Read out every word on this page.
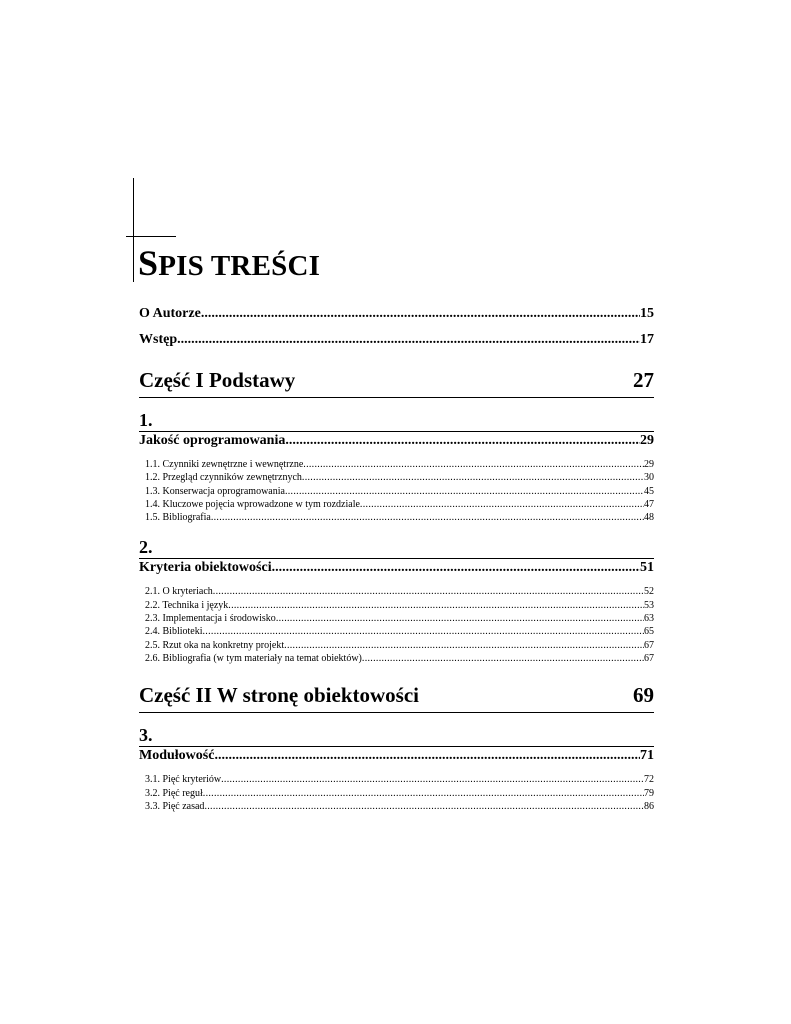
SPIS TREŚCI
O Autorze .....	15
Wstęp .....	17
Część I Podstawy	27
1.
Jakość oprogramowania .....	29
1.1. Czynniki zewnętrzne i wewnętrzne .....	29
1.2. Przegląd czynników zewnętrznych .....	30
1.3. Konserwacja oprogramowania .....	45
1.4. Kluczowe pojęcia wprowadzone w tym rozdziale .....	47
1.5. Bibliografia .....	48
2.
Kryteria obiektowości .....	51
2.1. O kryteriach .....	52
2.2. Technika i język .....	53
2.3. Implementacja i środowisko .....	63
2.4. Biblioteki .....	65
2.5. Rzut oka na konkretny projekt .....	67
2.6. Bibliografia (w tym materiały na temat obiektów) .....	67
Część II W stronę obiektowości	69
3.
Modułowość .....	71
3.1. Pięć kryteriów .....	72
3.2. Pięć reguł .....	79
3.3. Pięć zasad .....	86
